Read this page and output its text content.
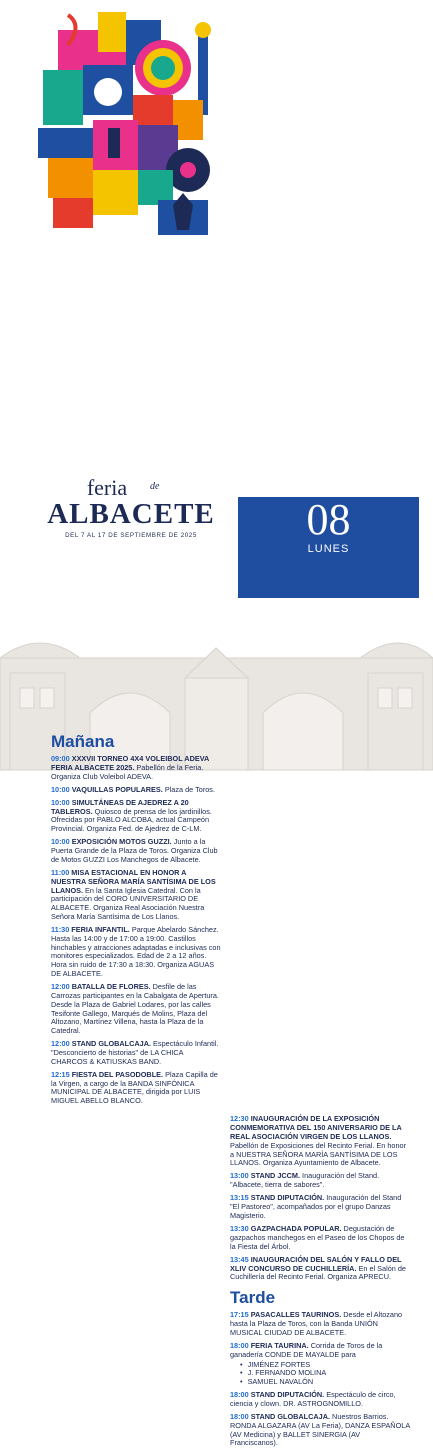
feria	de
ALBACETE
DEL 7 AL 17 DE SEPTIEMBRE DE 2025	08
LUNES
Mañana
09:00 XXXVII TORNEO 4X4 VOLEIBOL ADEVA FERIA ALBACETE 2025. Pabellón de la Feria. Organiza Club Voleibol ADEVA.
10:00 VAQUILLAS POPULARES. Plaza de Toros.
10:00 SIMULTÁNEAS DE AJEDREZ A 20 TABLEROS. Quiosco de prensa de los jardinillos. Ofrecidas por PABLO ALCOBA, actual Campeón Provincial. Organiza Fed. de Ajedrez de C-LM.
10:00 EXPOSICIÓN MOTOS GUZZI. Junto a la Puerta Grande de la Plaza de Toros. Organiza Club de Motos GUZZI Los Manchegos de Albacete.
11:00 MISA ESTACIONAL EN HONOR A NUESTRA SEÑORA MARÍA SANTÍSIMA DE LOS LLANOS. En la Santa Iglesia Catedral. Con la participación del CORO UNIVERSITARIO DE ALBACETE. Organiza Real Asociación Nuestra Señora María Santísima de Los Llanos.
11:30 FERIA INFANTIL. Parque Abelardo Sánchez. Hasta las 14:00 y de 17:00 a 19:00. Castillos hinchables y atracciones adaptadas e inclusivas con monitores especializados. Edad de 2 a 12 años. Hora sin ruido de 17:30 a 18:30. Organiza AGUAS DE ALBACETE.
12:00 BATALLA DE FLORES. Desfile de las Carrozas participantes en la Cabalgata de Apertura. Desde la Plaza de Gabriel Lodares, por las calles Tesifonte Gallego, Marqués de Molins, Plaza del Altozano, Martínez Villena, hasta la Plaza de la Catedral.
12:00 STAND GLOBALCAJA. Espectáculo Infantil. "Desconcierto de historias" de LA CHICA CHARCOS & KATIUSKAS BAND.
12:15 FIESTA DEL PASODOBLE. Plaza Capilla de la Virgen, a cargo de la BANDA SINFÓNICA MUNICIPAL DE ALBACETE, dirigida por LUIS MIGUEL ABELLO BLANCO.
12:30 INAUGURACIÓN DE LA EXPOSICIÓN CONMEMORATIVA DEL 150 ANIVERSARIO DE LA REAL ASOCIACIÓN VIRGEN DE LOS LLANOS. Pabellón de Exposiciones del Recinto Ferial. En honor a NUESTRA SEÑORA MARÍA SANTÍSIMA DE LOS LLANOS. Organiza Ayuntamiento de Albacete.
13:00 STAND JCCM. Inauguración del Stand. "Albacete, tierra de sabores".
13:15 STAND DIPUTACIÓN. Inauguración del Stand "El Pastoreo", acompañados por el grupo Danzas Magisterio.
13:30 GAZPACHADA POPULAR. Degustación de gazpachos manchegos en el Paseo de los Chopos de la Fiesta del Árbol.
13:45 INAUGURACIÓN DEL SALÓN Y FALLO DEL XLIV CONCURSO DE CUCHILLERÍA. En el Salón de Cuchillería del Recinto Ferial. Organiza APRECU.
Tarde
17:15 PASACALLES TAURINOS. Desde el Altozano hasta la Plaza de Toros, con la Banda UNIÓN MUSICAL CIUDAD DE ALBACETE.
18:00 FERIA TAURINA. Corrida de Toros de la ganadería CONDE DE MAYALDE para
• JIMÉNEZ FORTES
• J. FERNANDO MOLINA
• SAMUEL NAVALÓN
18:00 STAND DIPUTACIÓN. Espectáculo de circo, ciencia y clown. DR. ASTROGNOMILLO.
18:00 STAND GLOBALCAJA. Nuestros Barrios. RONDA ALGAZARA (AV La Feria), DANZA ESPAÑOLA (AV Medicina) y BALLET SINERGIA (AV Franciscanos).
